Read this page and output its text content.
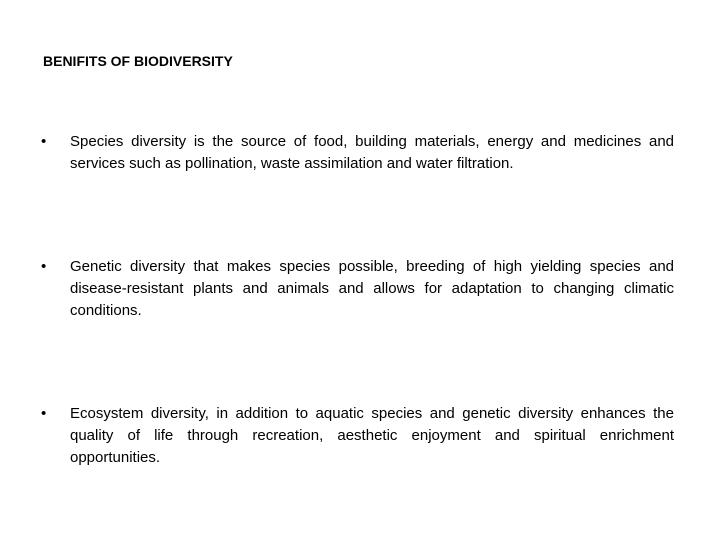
BENIFITS OF BIODIVERSITY
• Species diversity is the source of food, building materials, energy and medicines and services such as pollination, waste assimilation and water filtration.
• Genetic diversity that makes species possible, breeding of high yielding species and disease-resistant plants and animals and allows for adaptation to changing climatic conditions.
• Ecosystem diversity, in addition to aquatic species and genetic diversity enhances the quality of life through recreation, aesthetic enjoyment and spiritual enrichment opportunities.
